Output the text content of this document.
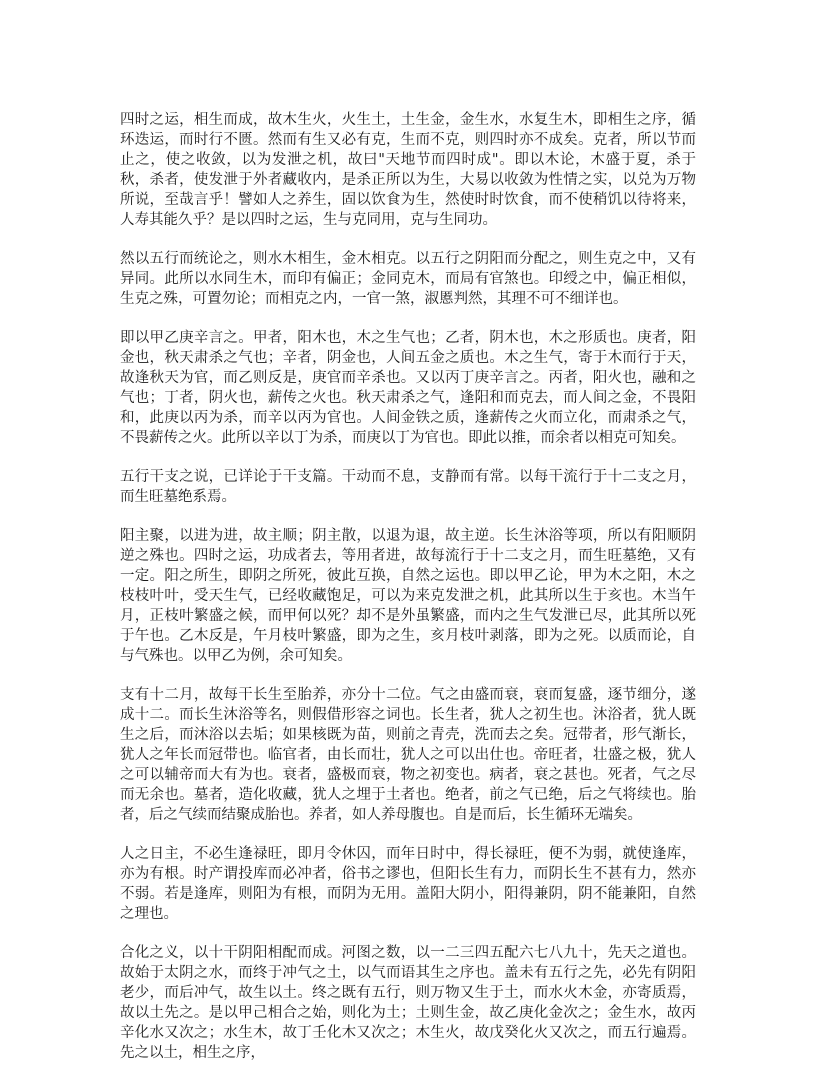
四时之运，相生而成，故木生火，火生土，土生金，金生水，水复生木，即相生之序，循环迭运，而时行不匮。然而有生又必有克，生而不克，则四时亦不成矣。克者，所以节而止之，使之收敛，以为发泄之机，故曰"天地节而四时成"。即以木论，木盛于夏，杀于秋，杀者，使发泄于外者藏收内，是杀正所以为生，大易以收敛为性情之实，以兑为万物所说，至哉言乎！譬如人之养生，固以饮食为生，然使时时饮食，而不使稍饥以待将来，人寿其能久乎？是以四时之运，生与克同用，克与生同功。

然以五行而统论之，则水木相生，金木相克。以五行之阴阳而分配之，则生克之中，又有异同。此所以水同生木，而印有偏正；金同克木，而局有官煞也。印绶之中，偏正相似，生克之殊，可置勿论；而相克之内，一官一煞，淑慝判然，其理不可不细详也。

即以甲乙庚辛言之。甲者，阳木也，木之生气也；乙者，阴木也，木之形质也。庚者，阳金也，秋天肃杀之气也；辛者，阴金也，人间五金之质也。木之生气，寄于木而行于天，故逢秋天为官，而乙则反是，庚官而辛杀也。又以丙丁庚辛言之。丙者，阳火也，融和之气也；丁者，阴火也，薪传之火也。秋天肃杀之气，逢阳和而克去，而人间之金，不畏阳和，此庚以丙为杀，而辛以丙为官也。人间金铁之质，逢薪传之火而立化，而肃杀之气，不畏薪传之火。此所以辛以丁为杀，而庚以丁为官也。即此以推，而余者以相克可知矣。

五行干支之说，已详论于干支篇。干动而不息，支静而有常。以每干流行于十二支之月，而生旺墓绝系焉。

阳主聚，以进为进，故主顺；阴主散，以退为退，故主逆。长生沐浴等项，所以有阳顺阴逆之殊也。四时之运，功成者去，等用者进，故每流行于十二支之月，而生旺墓绝，又有一定。阳之所生，即阴之所死，彼此互换，自然之运也。即以甲乙论，甲为木之阳，木之枝枝叶叶，受天生气，已经收藏饱足，可以为来克发泄之机，此其所以生于亥也。木当午月，正枝叶繁盛之候，而甲何以死？却不是外虽繁盛，而内之生气发泄已尽，此其所以死于午也。乙木反是，午月枝叶繁盛，即为之生，亥月枝叶剥落，即为之死。以质而论，自与气殊也。以甲乙为例，余可知矣。

支有十二月，故每干长生至胎养，亦分十二位。气之由盛而衰，衰而复盛，逐节细分，遂成十二。而长生沐浴等名，则假借形容之词也。长生者，犹人之初生也。沐浴者，犹人既生之后，而沐浴以去垢；如果核既为苗，则前之青壳，洗而去之矣。冠带者，形气渐长，犹人之年长而冠带也。临官者，由长而壮，犹人之可以出仕也。帝旺者，壮盛之极，犹人之可以辅帝而大有为也。衰者，盛极而衰，物之初变也。病者，衰之甚也。死者，气之尽而无余也。墓者，造化收藏，犹人之埋于土者也。绝者，前之气已绝，后之气将续也。胎者，后之气续而结聚成胎也。养者，如人养母腹也。自是而后，长生循环无端矣。

人之日主，不必生逢禄旺，即月令休囚，而年日时中，得长禄旺，便不为弱，就使逢库，亦为有根。时产谓投库而必冲者，俗书之谬也，但阳长生有力，而阴长生不甚有力，然亦不弱。若是逢库，则阳为有根，而阴为无用。盖阳大阴小，阳得兼阴，阴不能兼阳，自然之理也。

合化之义，以十干阴阳相配而成。河图之数，以一二三四五配六七八九十，先天之道也。故始于太阴之水，而终于冲气之土，以气而语其生之序也。盖未有五行之先，必先有阴阳老少，而后冲气，故生以土。终之既有五行，则万物又生于土，而水火木金，亦寄质焉，故以土先之。是以甲己相合之始，则化为土；土则生金，故乙庚化金次之；金生水，故丙辛化水又次之；水生木，故丁壬化木又次之；木生火，故戊癸化火又次之，而五行遍焉。先之以土，相生之序，
